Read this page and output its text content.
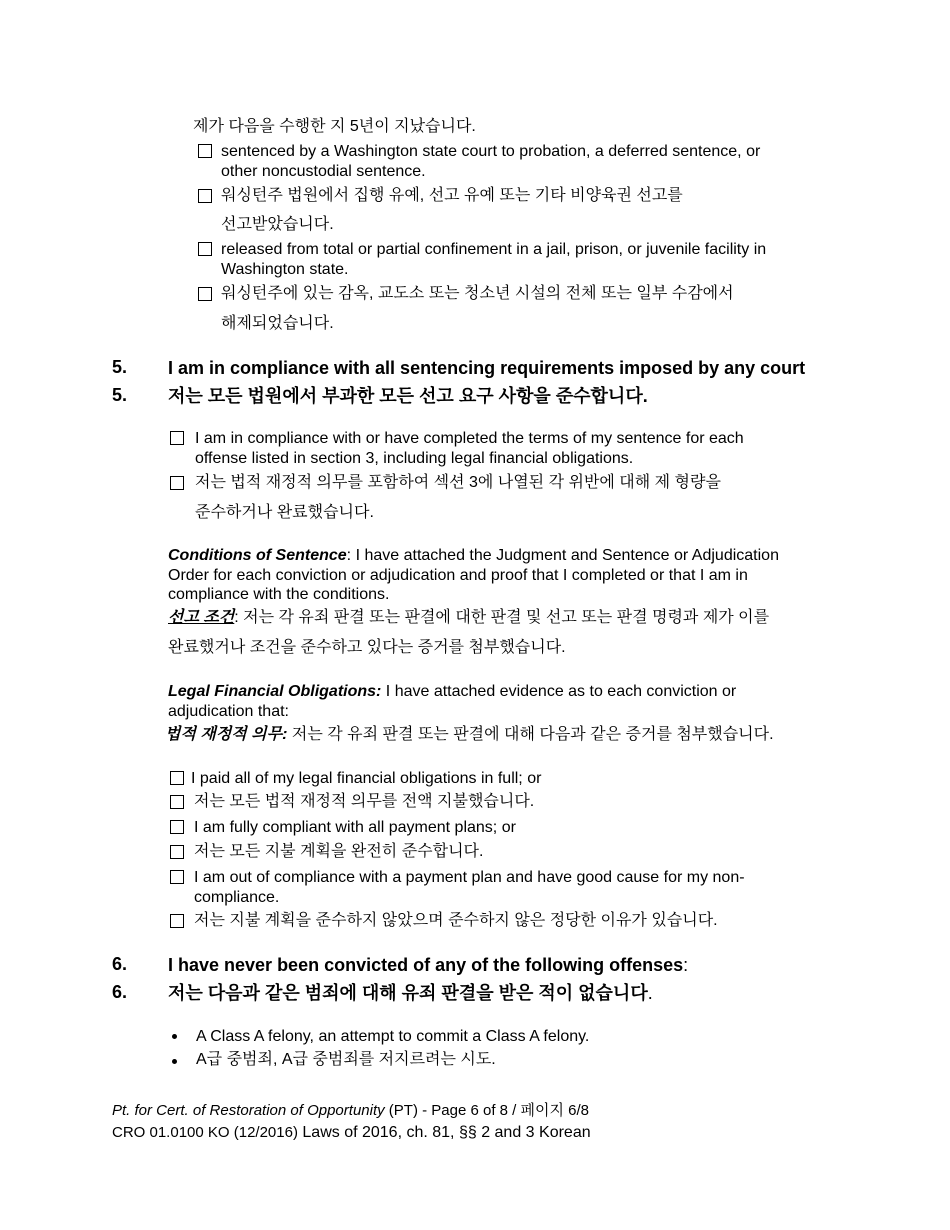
제가 다음을 수행한 지 5년이 지났습니다.
sentenced by a Washington state court to probation, a deferred sentence, or
other noncustodial sentence.
워싱턴주 법원에서 집행 유예, 선고 유예 또는 기타 비양육권 선고를
선고받았습니다.
released from total or partial confinement in a jail, prison, or juvenile facility in
Washington state.
워싱턴주에 있는 감옥, 교도소 또는 청소년 시설의 전체 또는 일부 수감에서
해제되었습니다.
5. I am in compliance with all sentencing requirements imposed by any court
5. 저는 모든 법원에서 부과한 모든 선고 요구 사항을 준수합니다.
I am in compliance with or have completed the terms of my sentence for each
offense listed in section 3, including legal financial obligations.
저는 법적 재정적 의무를 포함하여 섹션 3에 나열된 각 위반에 대해 제 형량을
준수하거나 완료했습니다.
Conditions of Sentence: I have attached the Judgment and Sentence or Adjudication
Order for each conviction or adjudication and proof that I completed or that I am in
compliance with the conditions.
선고 조건: 저는 각 유죄 판결 또는 판결에 대한 판결 및 선고 또는 판결 명령과 제가 이를
완료했거나 조건을 준수하고 있다는 증거를 첨부했습니다.
Legal Financial Obligations: I have attached evidence as to each conviction or
adjudication that:
법적 재정적 의무: 저는 각 유죄 판결 또는 판결에 대해 다음과 같은 증거를 첨부했습니다.
I paid all of my legal financial obligations in full; or
저는 모든 법적 재정적 의무를 전액 지불했습니다.
I am fully compliant with all payment plans; or
저는 모든 지불 계획을 완전히 준수합니다.
I am out of compliance with a payment plan and have good cause for my non-
compliance.
저는 지불 계획을 준수하지 않았으며 준수하지 않은 정당한 이유가 있습니다.
6. I have never been convicted of any of the following offenses:
6. 저는 다음과 같은 범죄에 대해 유죄 판결을 받은 적이 없습니다.
A Class A felony, an attempt to commit a Class A felony.
A급 중범죄, A급 중범죄를 저지르려는 시도.
Pt. for Cert. of Restoration of Opportunity (PT) - Page 6 of 8 / 페이지 6/8
CRO 01.0100 KO (12/2016) Laws of 2016, ch. 81, §§ 2 and 3 Korean
